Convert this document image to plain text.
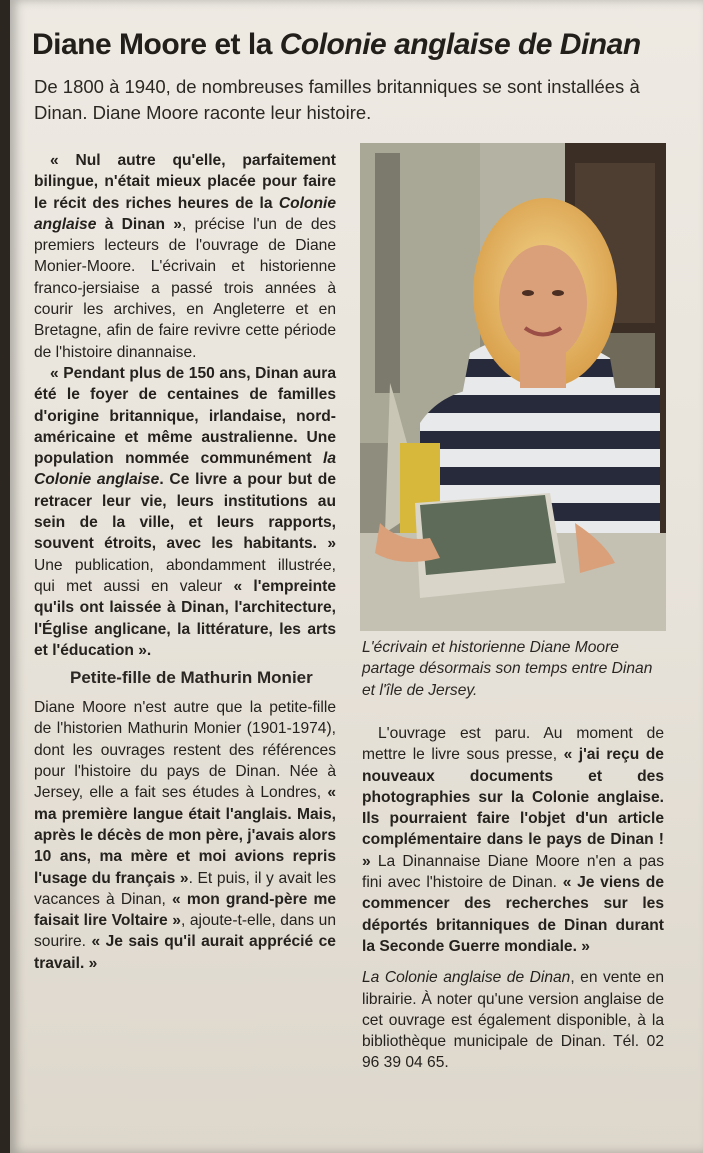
Diane Moore et la Colonie anglaise de Dinan

De 1800 à 1940, de nombreuses familles britanniques se sont installées à Dinan. Diane Moore raconte leur histoire.

« Nul autre qu'elle, parfaitement bilingue, n'était mieux placée pour faire le récit des riches heures de la Colonie anglaise à Dinan », précise l'un de des premiers lecteurs de l'ouvrage de Diane Monier-Moore. L'écrivain et historienne franco-jersiaise a passé trois années à courir les archives, en Angleterre et en Bretagne, afin de faire revivre cette période de l'histoire dinannaise.

« Pendant plus de 150 ans, Dinan aura été le foyer de centaines de familles d'origine britannique, irlandaise, nord-américaine et même australienne. Une population nommée communément la Colonie anglaise. Ce livre a pour but de retracer leur vie, leurs institutions au sein de la ville, et leurs rapports, souvent étroits, avec les habitants. » Une publication, abondamment illustrée, qui met aussi en valeur « l'empreinte qu'ils ont laissée à Dinan, l'architecture, l'Église anglicane, la littérature, les arts et l'éducation ».

Petite-fille de Mathurin Monier

Diane Moore n'est autre que la petite-fille de l'historien Mathurin Monier (1901-1974), dont les ouvrages restent des références pour l'histoire du pays de Dinan. Née à Jersey, elle a fait ses études à Londres, « ma première langue était l'anglais. Mais, après le décès de mon père, j'avais alors 10 ans, ma mère et moi avions repris l'usage du français ». Et puis, il y avait les vacances à Dinan, « mon grand-père me faisait lire Voltaire », ajoute-t-elle, dans un sourire. « Je sais qu'il aurait apprécié ce travail. »

L'écrivain et historienne Diane Moore partage désormais son temps entre Dinan et l'île de Jersey.

L'ouvrage est paru. Au moment de mettre le livre sous presse, « j'ai reçu de nouveaux documents et des photographies sur la Colonie anglaise. Ils pourraient faire l'objet d'un article complémentaire dans le pays de Dinan ! » La Dinannaise Diane Moore n'en a pas fini avec l'histoire de Dinan. « Je viens de commencer des recherches sur les déportés britanniques de Dinan durant la Seconde Guerre mondiale. »

La Colonie anglaise de Dinan, en vente en librairie. À noter qu'une version anglaise de cet ouvrage est également disponible, à la bibliothèque municipale de Dinan. Tél. 02 96 39 04 65.
